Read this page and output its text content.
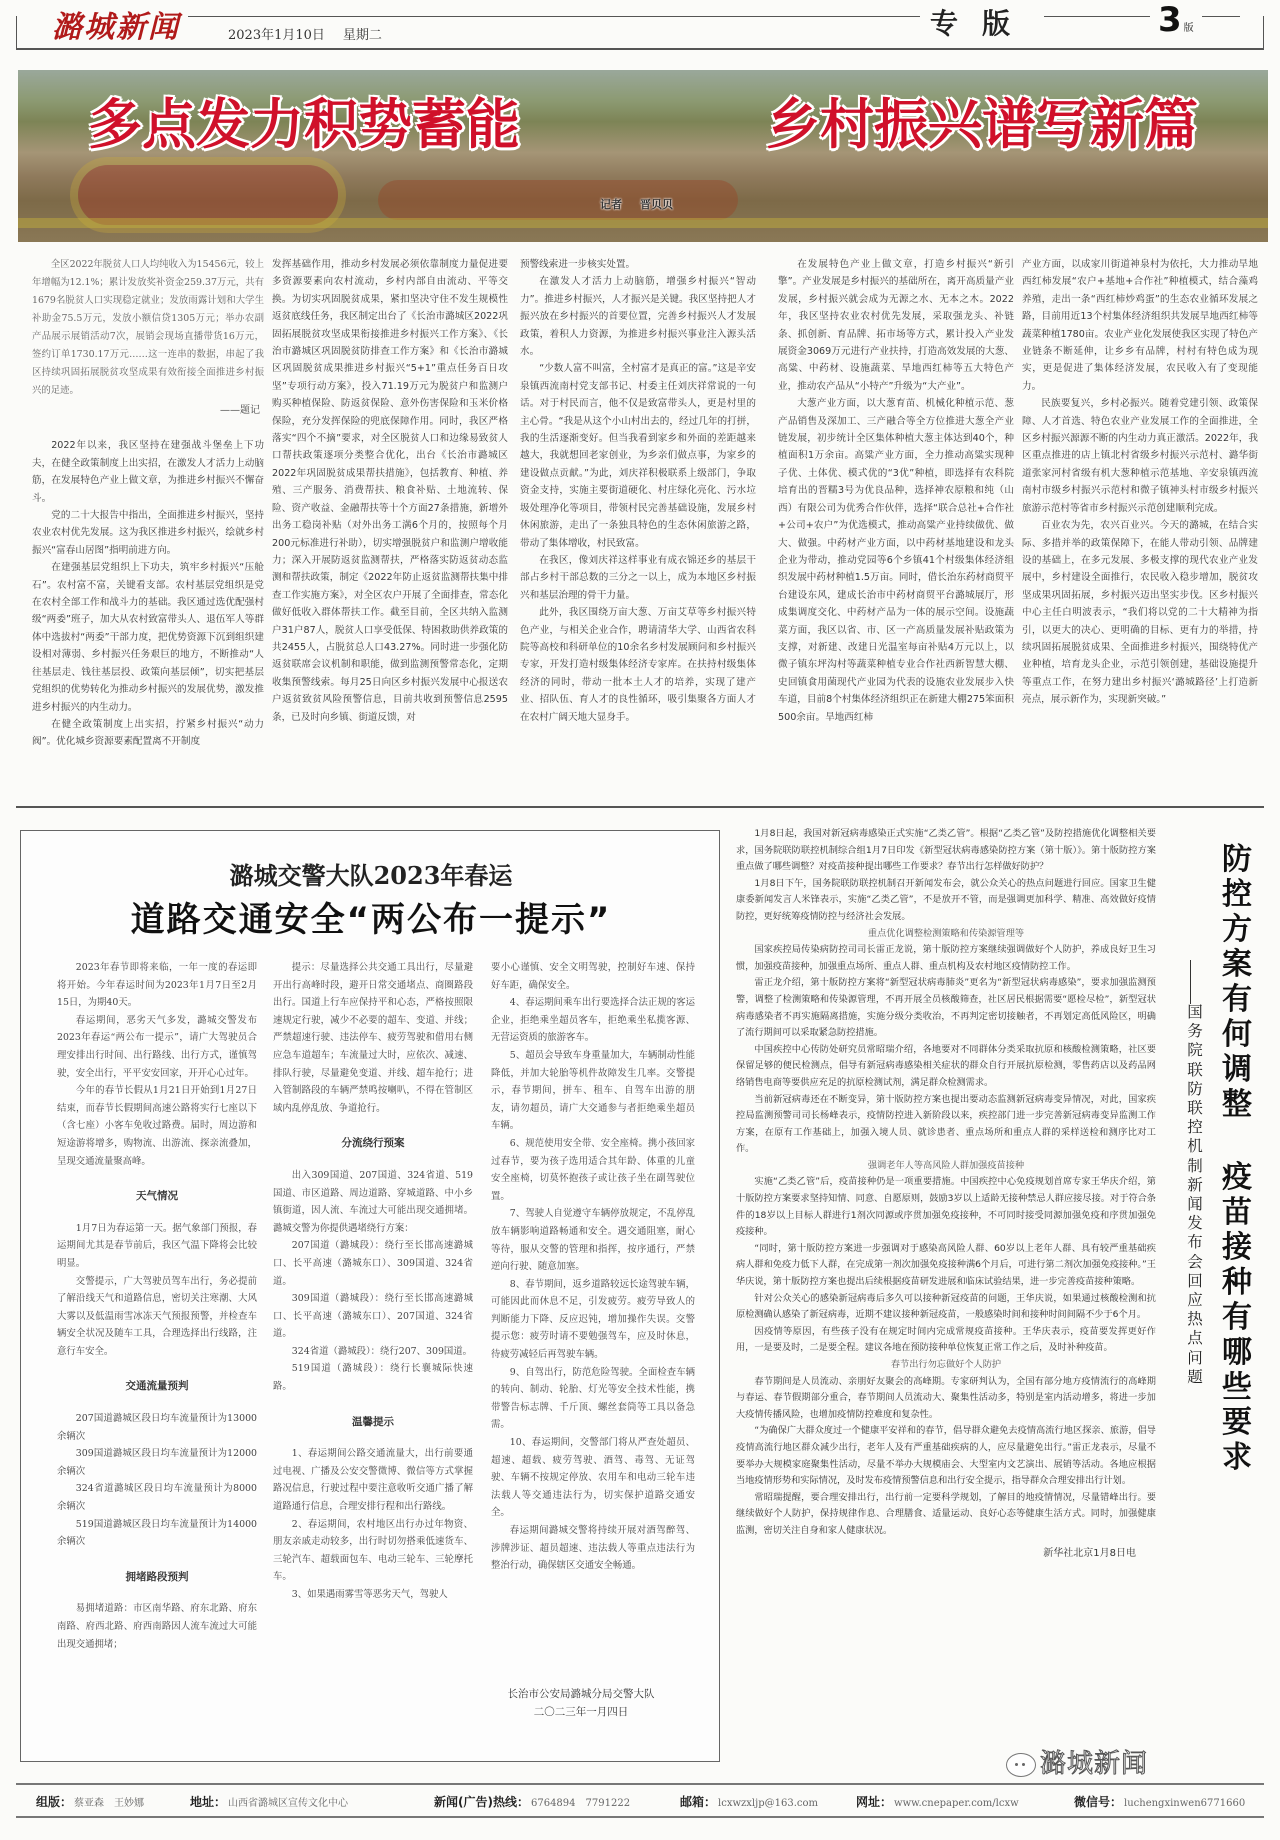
潞城新闻	2023年1月10日 星期二	专版	3 版
多点发力积势蓄能	乡村振兴谱写新篇
记者 晋贝贝

全区2022年脱贫人口人均纯收入为15456元，较上年增幅为12.1%；累计发放奖补资金259.37万元，共有1679名脱贫人口实现稳定就业；发放雨露计划和大学生补助金75.5万元，发放小额信贷1305万元；举办农副产品展示展销活动7次，展销会现场直播带货16万元，签约订单1730.17万元……这一连串的数据，串起了我区持续巩固拓展脱贫攻坚成果有效衔接全面推进乡村振兴的足迹。

——题记

2022年以来，我区坚持在建强战斗堡垒上下功夫，在健全政策制度上出实招，在激发人才活力上动脑筋，在发展特色产业上做文章，为推进乡村振兴不懈奋斗。

党的二十大报告中指出，全面推进乡村振兴，坚持农业农村优先发展。这为我区推进乡村振兴，绘就乡村振兴“富春山居图”指明前进方向。

在建强基层党组织上下功夫，筑牢乡村振兴“压舱石”。农村富不富，关键看支部。农村基层党组织是党在农村全部工作和战斗力的基础。我区通过选优配强村级“两委”班子，加大从农村致富带头人、退伍军人等群体中选拔村“两委”干部力度，把优势资源下沉到组织建设相对薄弱、乡村振兴任务艰巨的地方，不断推动“人往基层走、钱往基层投、政策向基层倾”，切实把基层党组织的优势转化为推动乡村振兴的发展优势，激发推进乡村振兴的内生动力。

在健全政策制度上出实招，拧紧乡村振兴“动力阀”。优化城乡资源要素配置离不开制度

发挥基础作用，推动乡村发展必须依靠制度力量促进要多资源要素向农村流动，乡村内部自由流动、平等交换。为切实巩固脱贫成果，紧扣坚决守住不发生规模性返贫底线任务，我区制定出台了《长治市潞城区2022巩固拓展脱贫攻坚成果衔接推进乡村振兴工作方案》、《长治市潞城区巩固脱贫防排查工作方案》和《长治市潞城区巩固脱贫成果推进乡村振兴“5+1”重点任务百日攻坚”专项行动方案》，投入71.19万元为脱贫户和监测户购买种植保险、防返贫保险、意外伤害保险和玉米价格保险，充分发挥保险的兜底保障作用。同时，我区严格落实“四个不摘”要求，对全区脱贫人口和边缘易致贫人口帮扶政策逐项分类整合优化，出台《长治市潞城区2022年巩固脱贫成果帮扶措施》，包括教育、种植、养殖、三产服务、消费帮扶、粮食补贴、土地流转、保险、资产收益、金融帮扶等十个方面27条措施，新增外出务工稳岗补贴（对外出务工满6个月的，按照每个月200元标准进行补助），切实增强脱贫户和监测户增收能力；深入开展防返贫监测帮扶，严格落实防返贫动态监测和帮扶政策，制定《2022年防止返贫监测帮扶集中排查工作实施方案》，对全区农户开展了全面排查，常态化做好低收入群体帮扶工作。截至目前，全区共纳入监测户31户87人，脱贫人口享受低保、特困救助供养政策的共2455人，占脱贫总人口43.27%。同时进一步强化防返贫联席会议机制和职能，做到监测预警常态化，定期收集预警线索。每月25日向区乡村振兴发展中心报送农户返贫致贫风险预警信息，目前共收到预警信息2595条，已及时向乡镇、街道反馈，对

预警线索进一步核实处置。

在激发人才活力上动脑筋，增强乡村振兴“智动力”。推进乡村振兴，人才振兴是关键。我区坚持把人才振兴放在乡村振兴的首要位置，完善乡村振兴人才发展政策，着积人力资源，为推进乡村振兴事业注入源头活水。

“少数人富不叫富，全村富才是真正的富。”这是辛安泉镇西流南村党支部书记、村委主任刘庆祥常说的一句话。对于村民而言，他不仅是致富带头人，更是村里的主心骨。“我是从这个小山村出去的，经过几年的打拼，我的生活逐渐变好。但当我看到家乡和外面的差距越来越大，我就想回老家创业，为乡亲们做点事，为家乡的建设做点贡献。”为此，刘庆祥积极联系上级部门，争取资金支持，实施主要街道硬化、村庄绿化亮化、污水垃圾处理净化等项目，带领村民完善基础设施，发展乡村休闲旅游，走出了一条独具特色的生态休闲旅游之路，带动了集体增收，村民致富。

在我区，像刘庆祥这样事业有成衣锦还乡的基层干部占乡村干部总数的三分之一以上，成为本地区乡村振兴和基层治理的骨干力量。

此外，我区围绕万亩大葱、万亩艾草等乡村振兴特色产业，与相关企业合作，聘请清华大学、山西省农科院等高校和科研单位的10余名乡村发展顾问和乡村振兴专家，开发打造村级集体经济专家库。在扶持村级集体经济的同时，带动一批本土人才的培养，实现了建产业、招队伍、育人才的良性循环，吸引集聚各方面人才在农村广阔天地大显身手。

在发展特色产业上做文章，打造乡村振兴“新引擎”。产业发展是乡村振兴的基础所在，离开高质量产业发展，乡村振兴就会成为无源之水、无本之木。2022年，我区坚持农业农村优先发展，采取强龙头、补链条、抓创新、育品牌、拓市场等方式，累计投入产业发展资金3069万元进行产业扶持，打造高效发展的大葱、高粱、中药材、设施蔬菜、旱地西红柿等五大特色产业，推动农产品从“小特产”升级为“大产业”。

大葱产业方面，以大葱育苗、机械化种植示范、葱产品销售及深加工、三产融合等全方位推进大葱全产业链发展，初步统计全区集体种植大葱主体达到40个，种植面积1万余亩。高粱产业方面，全力推动高粱实现种子优、土体优、模式优的“3优”种植，即选择有农科院培育出的晋糯3号为优良品种，选择神农原粮和纯（山西）有限公司为优秀合作伙伴，选择“联合总社+合作社+公司+农户”为优选模式，推动高粱产业持续做优、做大、做强。中药材产业方面，以中药材基地建设和龙头企业为带动，推动党园等6个乡镇41个村级集体经济组织发展中药材种植1.5万亩。同时，借长治东药材商贸平台建设东风，建成长治市中药材商贸平台潞城展厅，形成集调度交化、中药材产品为一体的展示空间。设施蔬菜方面，我区以省、市、区一产高质量发展补贴政策为支撑，对新建、改建日光温室每亩补贴4万元以上，以微子镇东坪沟村等蔬菜种植专业合作社西新智慧大棚、史回镇食用菌现代产业园为代表的设施农业发展步入快车道，目前8个村集体经济组织正在新建大棚275笨面积500余亩。旱地西红柿

产业方面，以成家川街道神泉村为依托，大力推动旱地西红柿发展“农户+基地+合作社”种植模式，结合藻鸡养殖，走出一条“西红柿炒鸡蛋”的生态农业循环发展之路，目前用近13个村集体经济组织共发展旱地西红柿等蔬菜种植1780亩。农业产业化发展使我区实现了特色产业链条不断延伸，让乡乡有品牌，村村有特色成为现实，更是促进了集体经济发展，农民收入有了变现能力。

民族要复兴，乡村必振兴。随着党建引领、政策保障、人才首选、特色农业产业发展工作的全面推进，全区乡村振兴源源不断的内生动力真正激活。2022年，我区重点推进的店上镇北村省级乡村振兴示范村、潞华街道张家河村省级有机大葱种植示范基地、辛安泉镇西流南村市级乡村振兴示范村和微子镇神头村市级乡村振兴旅游示范村等省市乡村振兴示范创建顺利完成。

百业农为先，农兴百业兴。今天的潞城，在结合实际、多措并举的政策保障下，在能人带动引领、品牌建设的基础上，在多元发展、多极支撑的现代农业产业发展中，乡村建设全面推行，农民收入稳步增加，脱贫攻坚成果巩固拓展，乡村振兴迈出坚实步伐。区乡村振兴中心主任白明波表示，“我们将以党的二十大精神为指引，以更大的决心、更明确的目标、更有力的举措，持续巩固拓展脱贫成果、全面推进乡村振兴，围绕特优产业种植，培育龙头企业，示范引领创建，基础设施提升等重点工作，在努力建出乡村振兴‘潞城路径’上打造新亮点，展示新作为，实现新突破。”

潞城交警大队2023年春运
道路交通安全“两公布一提示”

2023年春节即将来临，一年一度的春运即将开始。今年春运时间为2023年1月7日至2月15日，为期40天。

春运期间，恶劣天气多发，潞城交警发布2023年春运“两公布一提示”，请广大驾驶员合理安排出行时间、出行路线、出行方式，谨慎驾驶，安全出行，平平安安回家，开开心心过年。

今年的春节长假从1月21日开始到1月27日结束，而春节长假期间高速公路将实行七座以下（含七座）小客车免收过路费。届时，周边游和短途游将增多，购物流、出游流、探亲流叠加，呈现交通流量聚高峰。

天气情况

1月7日为春运第一天。据气象部门预报，春运期间尤其是春节前后，我区气温下降将会比较明显。

交警提示，广大驾驶员驾车出行，务必提前了解沿线天气和道路信息，密切关注寒潮、大风大雾以及低温雨雪冰冻天气预报预警，并检查车辆安全状况及随车工具，合理选择出行线路，注意行车安全。

交通流量预判

207国道潞城区段日均车流量预计为13000余辆次

309国道潞城区段日均车流量预计为12000余辆次

324省道潞城区段日均车流量预计为8000余辆次

519国道潞城区段日均车流量预计为14000余辆次

拥堵路段预判

易拥堵道路：市区南华路、府东北路、府东南路、府西北路、府西南路因人流车流过大可能出现交通拥堵；

提示：尽量选择公共交通工具出行，尽量避开出行高峰时段，避开日常交通堵点、商圈路段出行。国道上行车应保持平和心态，严格按照限速规定行驶，减少不必要的超车、变道、并线；严禁超速行驶、违法停车、疲劳驾驶和借用右侧应急车道超车；车流量过大时，应依次、减速、排队行驶，尽量避免变道、并线、超车抢行；进入管制路段的车辆严禁鸣按喇叭，不得在管制区域内乱停乱放、争道抢行。

分流绕行预案

出入309国道、207国道、324省道、519国道、市区道路、周边道路、穿城道路、中小乡镇街道，因人流、车流过大可能出现交通拥堵。潞城交警为你提供遇堵绕行方案：

207国道（潞城段）：绕行至长邯高速潞城口、长平高速（潞城东口）、309国道、324省道。

309国道（潞城段）：绕行至长邯高速潞城口、长平高速（潞城东口）、207国道、324省道。

324省道（潞城段）：绕行207、309国道。

519国道（潞城段）：绕行长襄城际快速路。

温馨提示

1、春运期间公路交通流量大，出行前要通过电视、广播及公安交警微博、微信等方式掌握路况信息，行驶过程中要注意收听交通广播了解道路通行信息，合理安排行程和出行路线。

2、春运期间，农村地区出行办过年物资、朋友亲戚走动较多，出行时切勿搭乘低速货车、三轮汽车、超载面包车、电动三轮车、三轮摩托车。

3、如果遇雨雾雪等恶劣天气，驾驶人

要小心谨慎、安全文明驾驶，控制好车速、保持好车距，确保安全。

4、春运期间乘车出行要选择合法正规的客运企业，拒绝乘坐超员客车，拒绝乘坐私揽客源、无营运资质的旅游客车。

5、超员会导致车身重量加大，车辆制动性能降低，并加大轮胎等机件故障发生几率。交警提示，春节期间，拼车、租车、自驾车出游的朋友，请勿超员，请广大交通参与者拒绝乘坐超员车辆。

6、规范使用安全带、安全座椅。携小孩回家过春节，要为孩子选用适合其年龄、体重的儿童安全座椅，切莫怀抱孩子或让孩子坐在副驾驶位置。

7、驾驶人自觉遵守车辆停放规定，不乱停乱放车辆影响道路畅通和安全。遇交通阻塞，耐心等待，服从交警的管理和指挥，按序通行，严禁逆向行驶、随意加塞。

8、春节期间，返乡道路较远长途驾驶车辆，可能因此而休息不足，引发疲劳。疲劳导致人的判断能力下降、反应迟钝，增加操作失误。交警提示您：疲劳时请不要勉强驾车，应及时休息，待疲劳减轻后再驾驶车辆。

9、自驾出行，防范危险驾驶。全面检查车辆的转向、制动、轮胎、灯光等安全技术性能，携带警告标志牌、千斤顶、螺丝套筒等工具以备急需。

10、春运期间，交警部门将从严查处超员、超速、超载、疲劳驾驶、酒驾、毒驾、无证驾驶、车辆不按规定停放、农用车和电动三轮车违法载人等交通违法行为，切实保护道路交通安全。

春运期间潞城交警将持续开展对酒驾醉驾、涉牌涉证、超员超速、违法载人等重点违法行为整治行动，确保辖区交通安全畅通。

长治市公安局潞城分局交警大队
二〇二三年一月四日

1月8日起，我国对新冠病毒感染正式实施“乙类乙管”。根据“乙类乙管”及防控措施优化调整相关要求，国务院联防联控机制综合组1月7日印发《新型冠状病毒感染防控方案（第十版）》。第十版防控方案重点做了哪些调整？对疫苗接种提出哪些工作要求？春节出行怎样做好防护？

1月8日下午，国务院联防联控机制召开新闻发布会，就公众关心的热点问题进行回应。国家卫生健康委新闻发言人米锋表示，实施“乙类乙管”，不是放开不管，而是强调更加科学、精准、高效做好疫情防控，更好统筹疫情防控与经济社会发展。

重点优化调整检测策略和传染源管理等

国家疾控局传染病防控司司长雷正龙说，第十版防控方案继续强调做好个人防护，养成良好卫生习惯，加强疫苗接种，加强重点场所、重点人群、重点机构及农村地区疫情防控工作。

雷正龙介绍，第十版防控方案将“新型冠状病毒肺炎”更名为“新型冠状病毒感染”，要求加强监测预警，调整了检测策略和传染源管理，不再开展全员核酸筛查，社区居民根据需要“愿检尽检”，新型冠状病毒感染者不再实施隔离措施，实施分级分类收治，不再判定密切接触者，不再划定高低风险区，明确了流行期间可以采取紧急防控措施。

中国疾控中心传防处研究员常昭瑞介绍，各地要对不同群体分类采取抗原和核酸检测策略，社区要保留足够的便民检测点，倡导有新冠病毒感染相关症状的群众自行开展抗原检测，零售药店以及药品网络销售电商等要供应充足的抗原检测试剂，满足群众检测需求。

当前新冠病毒还在不断变异，第十版防控方案也提出要动态监测新冠病毒变异情况，对此，国家疾控局监测预警司司长杨峰表示，疫情防控进入新阶段以来，疾控部门进一步完善新冠病毒变异监测工作方案，在原有工作基础上，加强入境人员、就诊患者、重点场所和重点人群的采样送检和测序比对工作。

强调老年人等高风险人群加强疫苗接种

实施“乙类乙管”后，疫苗接种仍是一项重要措施。中国疾控中心免疫规划首席专家王华庆介绍，第十版防控方案要求坚持知情、同意、自愿原则，鼓励3岁以上适龄无接种禁忌人群应接尽接。对于符合条件的18岁以上目标人群进行1剂次同源或序贯加强免疫接种，不可同时接受同源加强免疫和序贯加强免疫接种。

“同时，第十版防控方案进一步强调对于感染高风险人群、60岁以上老年人群、具有较严重基础疾病人群和免疫力低下人群，在完成第一剂次加强免疫接种满6个月后，可进行第二剂次加强免疫接种。”王华庆说，第十版防控方案也提出后续根据疫苗研发进展和临床试验结果，进一步完善疫苗接种策略。

针对公众关心的感染新冠病毒后多久可以接种新冠疫苗的问题，王华庆说，如果通过核酸检测和抗原检测确认感染了新冠病毒，近期不建议接种新冠疫苗，一般感染时间和接种时间间隔不少于6个月。

因疫情等原因，有些孩子没有在规定时间内完成常规疫苗接种。王华庆表示，疫苗要发挥更好作用，一是要及时，二是要全程。建议各地在预防接种单位恢复正常工作之后，及时补种疫苗。

春节出行勿忘做好个人防护

春节期间是人员流动、亲朋好友聚会的高峰期。专家研判认为，全国有部分地方疫情流行的高峰期与春运、春节假期部分重合，春节期间人员流动大、聚集性活动多，特别是室内活动增多，将进一步加大疫情传播风险，也增加疫情防控难度和复杂性。

“为确保广大群众度过一个健康平安祥和的春节，倡导群众避免去疫情高流行地区探亲、旅游，倡导疫情高流行地区群众减少出行，老年人及有严重基础疾病的人，应尽量避免出行。”雷正龙表示，尽量不要举办大规模家庭聚集性活动，尽量不举办大规模庙会、大型室内文艺演出、展销等活动。各地应根据当地疫情形势和实际情况，及时发布疫情预警信息和出行安全提示，指导群众合理安排出行计划。

常昭瑞提醒，要合理安排出行，出行前一定要科学规划，了解目的地疫情情况，尽量错峰出行。要继续做好个人防护，保持规律作息、合理膳食、适量运动、良好心态等健康生活方式。同时，加强健康监测，密切关注自身和家人健康状况。

新华社北京1月8日电
国
务
院
联
防
联
控
机
制
新
闻
发
布
会
回
应
热
点
问
题
防
控
方
案
有
何
调
整
疫
苗
接
种
有
哪
些
要
求
潞城新闻
组版： 蔡亚森 王妙娜	地址： 山西省潞城区宣传文化中心	新闻(广告)热线： 6764894 7791222	邮箱： lcxwzxljp@163.com	网址： www.cnepaper.com/lcxw	微信号： luchengxinwen6771660
